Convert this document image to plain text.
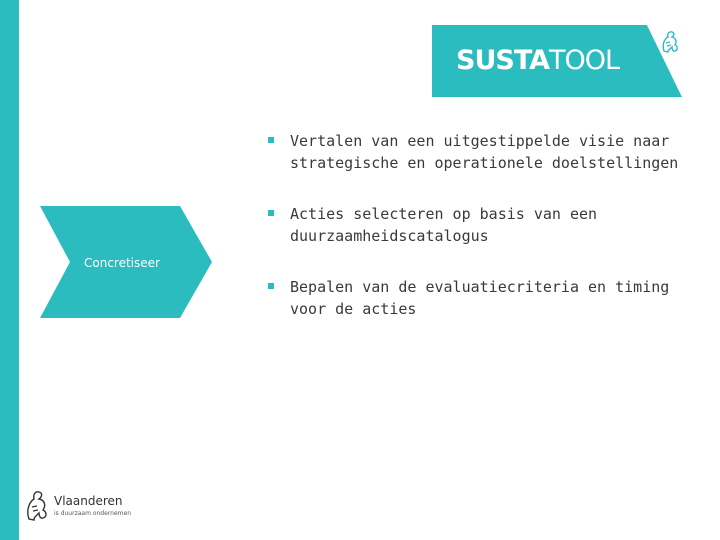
SUSTATOOL
Concretiseer
Vertalen van een uitgestippelde visie naar strategische en operationele doelstellingen
Acties selecteren op basis van een duurzaamheidscatalogus
Bepalen van de evaluatiecriteria en timing voor de acties
Vlaanderen
is duurzaam ondernemen
